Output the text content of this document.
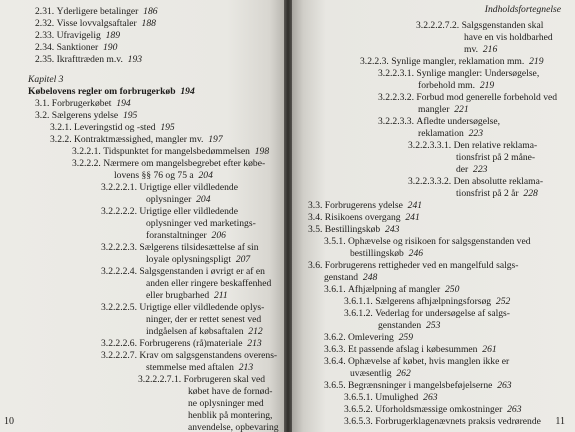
2.31. Yderligere betalinger 186
2.32. Visse lovvalgsaftaler 188
2.33. Ufravigelig 189
2.34. Sanktioner 190
2.35. Ikrafttræden m.v. 193
Kapitel 3
Købelovens regler om forbrugerkøb 194
3.1. Forbrugerkøbet 194
3.2. Sælgerens ydelse 195
3.2.1. Leveringstid og -sted 195
3.2.2. Kontraktmæssighed, mangler mv. 197
3.2.2.1. Tidspunktet for mangelsbedømmelsen 198
3.2.2.2. Nærmere om mangelsbegrebet efter købe-
lovens §§ 76 og 75 a 204
3.2.2.2.1. Urigtige eller vildledende
oplysninger 204
3.2.2.2.2. Urigtige eller vildledende
oplysninger ved marketings-
foranstaltninger 206
3.2.2.2.3. Sælgerens tilsidesættelse af sin
loyale oplysningspligt 207
3.2.2.2.4. Salgsgenstanden i øvrigt er af en
anden eller ringere beskaffenhed
eller brugbarhed 211
3.2.2.2.5. Urigtige eller vildledende oplys-
ninger, der er rettet senest ved
indgåelsen af købsaftalen 212
3.2.2.2.6. Forbrugerens (rå)materiale 213
3.2.2.2.7. Krav om salgsgenstandens overens-
stemmelse med aftalen 213
3.2.2.2.7.1. Forbrugeren skal ved
købet have de fornød-
ne oplysninger med
henblik på montering,
anvendelse, opbevaring
10
3.2.2.2.7.2. Salgsgenstanden skal
have en vis holdbarhed
mv. 216
3.2.2.3. Synlige mangler, reklamation mm. 219
3.2.2.3.1. Synlige mangler: Undersøgelse,
forbehold mm. 219
3.2.2.3.2. Forbud mod generelle forbehold ved
mangler 221
3.2.2.3.3. Afledte undersøgelse,
reklamation 223
3.2.2.3.3.1. Den relative reklama-
tionsfrist på 2 måne-
der 223
3.2.2.3.3.2. Den absolutte reklama-
tionsfrist på 2 år 228
3.3. Forbrugerens ydelse 241
3.4. Risikoens overgang 241
3.5. Bestillingskøb 243
3.5.1. Ophævelse og risikoen for salgsgenstanden ved
bestillingskøb 246
3.6. Forbrugerens rettigheder ved en mangelfuld salgs-
genstand 248
3.6.1. Afhjælpning af mangler 250
3.6.1.1. Sælgerens afhjælpningsforsøg 252
3.6.1.2. Vederlag for undersøgelse af salgs-
genstanden 253
3.6.2. Omlevering 259
3.6.3. Et passende afslag i købesummen 261
3.6.4. Ophævelse af købet, hvis manglen ikke er
uvæsentlig 262
3.6.5. Begrænsninger i mangelsbeføjelserne 263
3.6.5.1. Umulighed 263
3.6.5.2. Uforholdsmæssige omkostninger 263
3.6.5.3. Forbrugerklagenævnets praksis vedrørende
Indholdsfortegnelse
11
